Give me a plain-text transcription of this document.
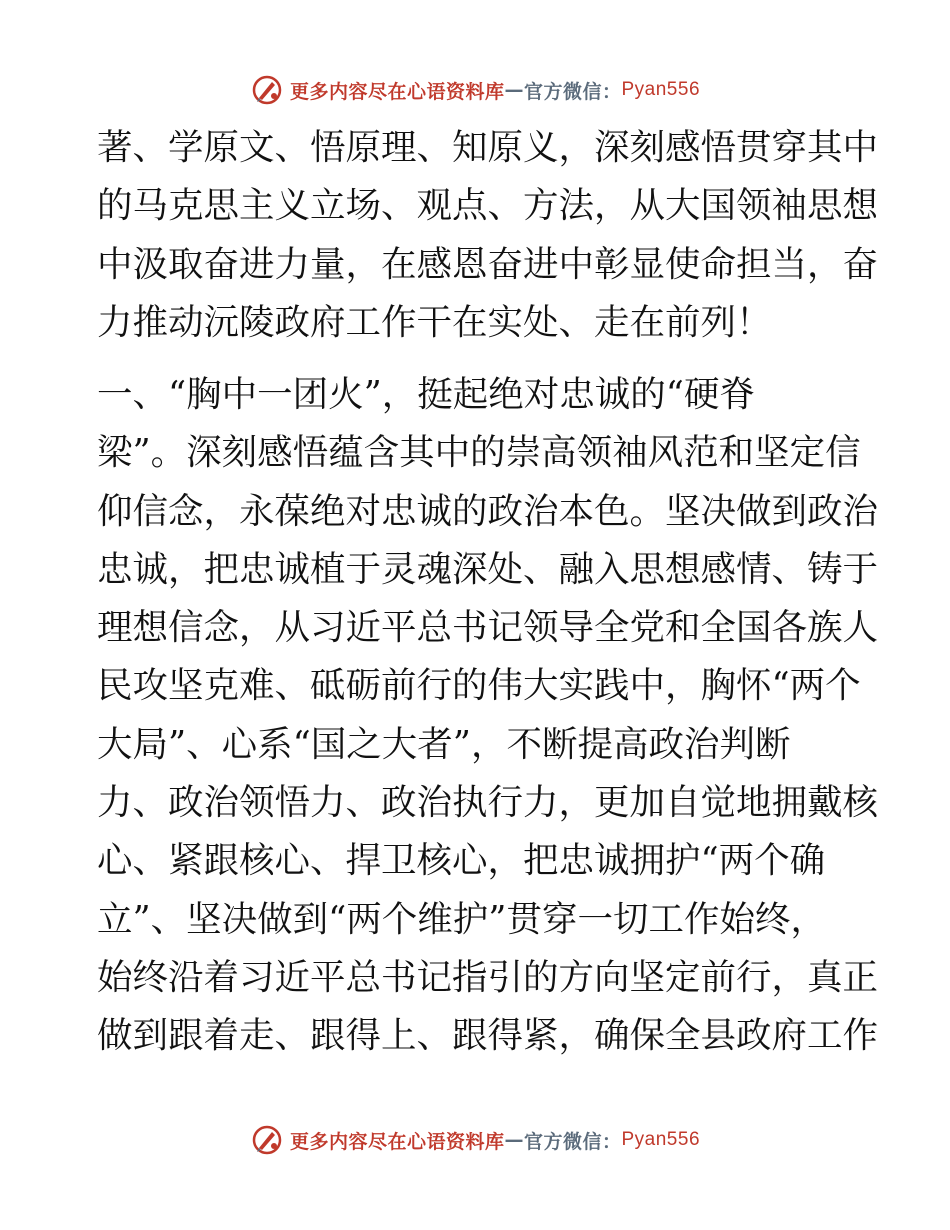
更多内容尽在心语资料库 — 官方微信： Pyan556
著、学原文、悟原理、知原义，深刻感悟贯穿其中
的马克思主义立场、观点、方法，从大国领袖思想
中汲取奋进力量，在感恩奋进中彰显使命担当，奋
力推动沅陵政府工作干在实处、走在前列！
一、“胸中一团火”，挺起绝对忠诚的“硬脊
梁”。深刻感悟蕴含其中的崇高领袖风范和坚定信
仰信念，永葆绝对忠诚的政治本色。坚决做到政治
忠诚，把忠诚植于灵魂深处、融入思想感情、铸于
理想信念，从习近平总书记领导全党和全国各族人
民攻坚克难、砥砺前行的伟大实践中，胸怀“两个
大局”、心系“国之大者”，不断提高政治判断
力、政治领悟力、政治执行力，更加自觉地拥戴核
心、紧跟核心、捍卫核心，把忠诚拥护“两个确
立”、坚决做到“两个维护”贯穿一切工作始终，
始终沿着习近平总书记指引的方向坚定前行，真正
做到跟着走、跟得上、跟得紧，确保全县政府工作
更多内容尽在心语资料库 — 官方微信： Pyan556
